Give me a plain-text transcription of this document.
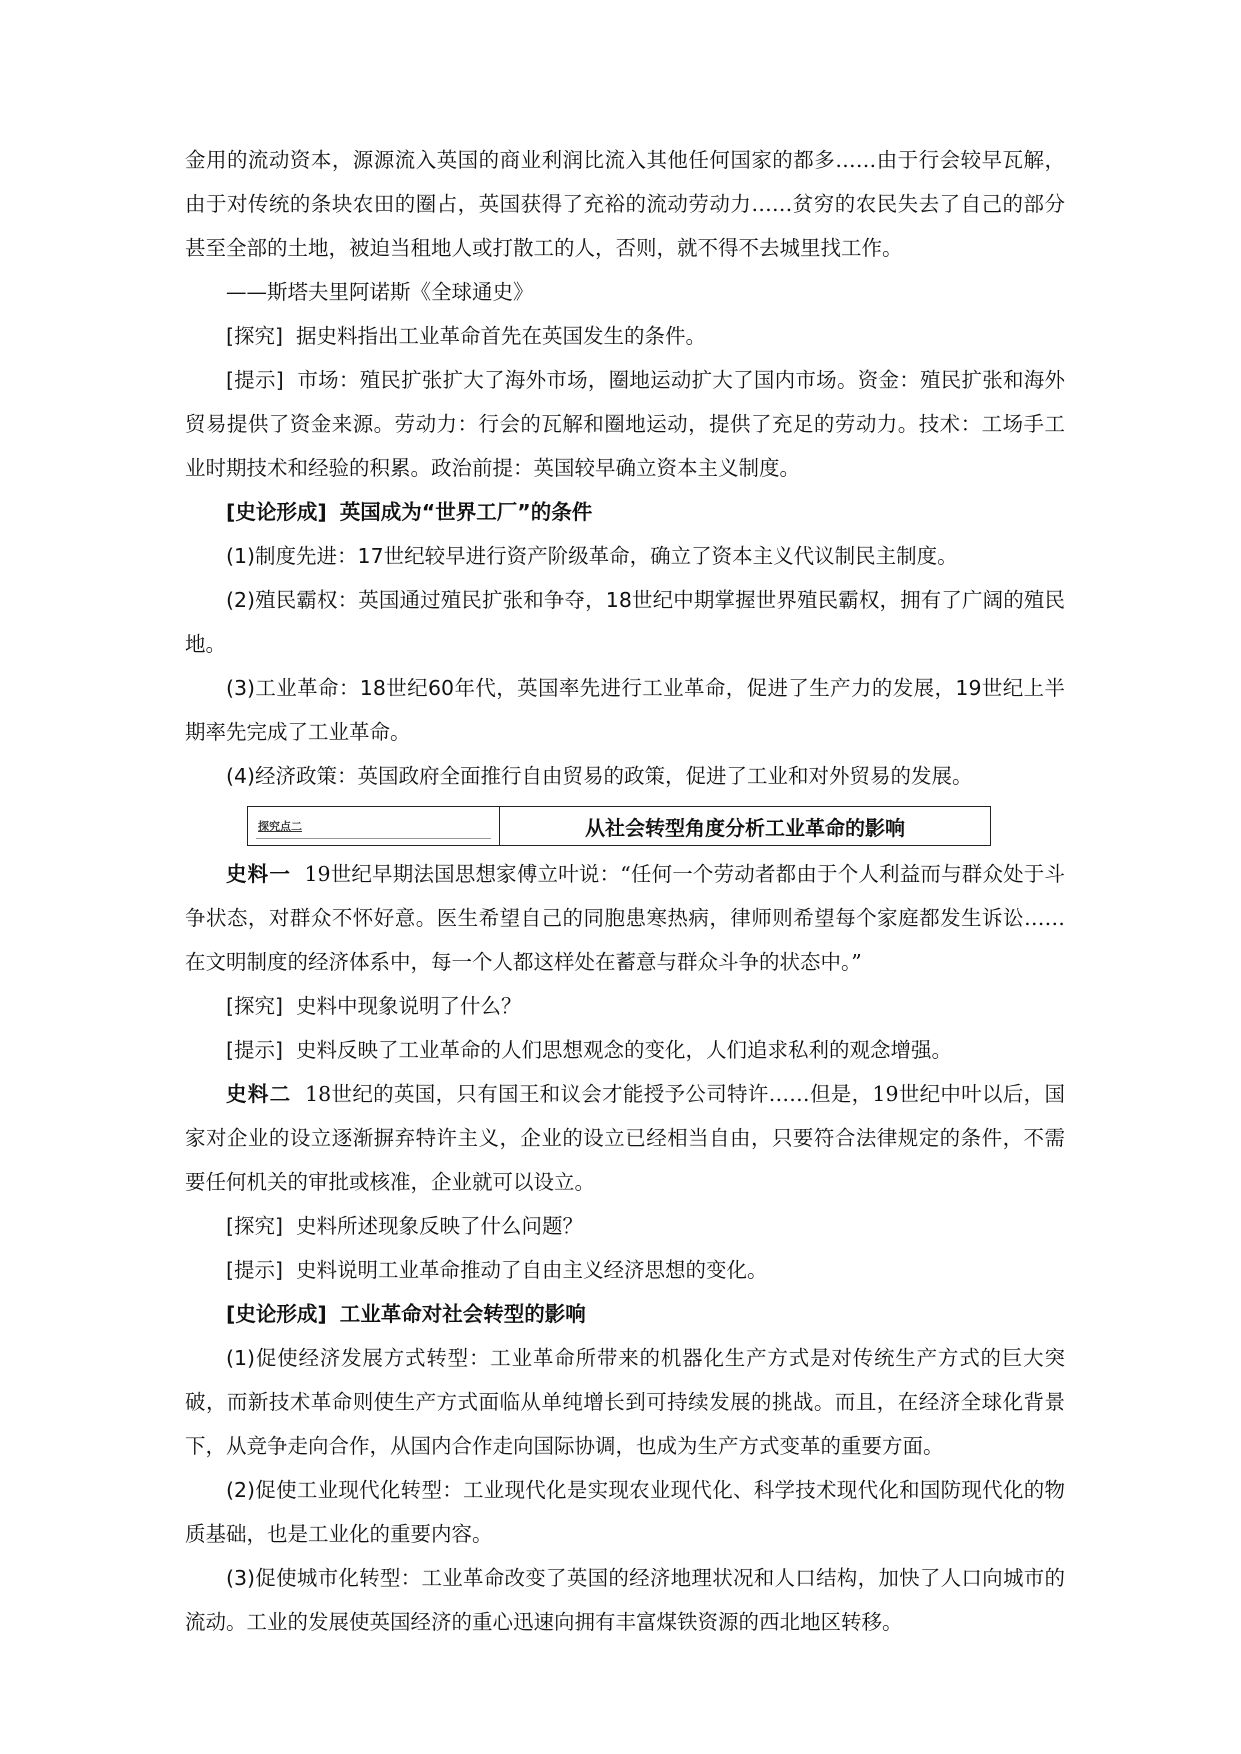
金用的流动资本，源源流入英国的商业利润比流入其他任何国家的都多……由于行会较早瓦解，由于对传统的条块农田的圈占，英国获得了充裕的流动劳动力……贫穷的农民失去了自己的部分甚至全部的土地，被迫当租地人或打散工的人，否则，就不得不去城里找工作。

——斯塔夫里阿诺斯《全球通史》

[探究] 据史料指出工业革命首先在英国发生的条件。

[提示] 市场：殖民扩张扩大了海外市场，圈地运动扩大了国内市场。资金：殖民扩张和海外贸易提供了资金来源。劳动力：行会的瓦解和圈地运动，提供了充足的劳动力。技术：工场手工业时期技术和经验的积累。政治前提：英国较早确立资本主义制度。

[史论形成] 英国成为“世界工厂”的条件

(1)制度先进：17世纪较早进行资产阶级革命，确立了资本主义代议制民主制度。

(2)殖民霸权：英国通过殖民扩张和争夺，18世纪中期掌握世界殖民霸权，拥有了广阔的殖民地。

(3)工业革命：18世纪60年代，英国率先进行工业革命，促进了生产力的发展，19世纪上半期率先完成了工业革命。

(4)经济政策：英国政府全面推行自由贸易的政策，促进了工业和对外贸易的发展。

探究点二	从社会转型角度分析工业革命的影响

史料一 19世纪早期法国思想家傅立叶说：“任何一个劳动者都由于个人利益而与群众处于斗争状态，对群众不怀好意。医生希望自己的同胞患寒热病，律师则希望每个家庭都发生诉讼……在文明制度的经济体系中，每一个人都这样处在蓄意与群众斗争的状态中。”

[探究] 史料中现象说明了什么？

[提示] 史料反映了工业革命的人们思想观念的变化，人们追求私利的观念增强。

史料二 18世纪的英国，只有国王和议会才能授予公司特许……但是，19世纪中叶以后，国家对企业的设立逐渐摒弃特许主义，企业的设立已经相当自由，只要符合法律规定的条件，不需要任何机关的审批或核准，企业就可以设立。

[探究] 史料所述现象反映了什么问题？

[提示] 史料说明工业革命推动了自由主义经济思想的变化。

[史论形成] 工业革命对社会转型的影响

(1)促使经济发展方式转型：工业革命所带来的机器化生产方式是对传统生产方式的巨大突破，而新技术革命则使生产方式面临从单纯增长到可持续发展的挑战。而且，在经济全球化背景下，从竞争走向合作，从国内合作走向国际协调，也成为生产方式变革的重要方面。

(2)促使工业现代化转型：工业现代化是实现农业现代化、科学技术现代化和国防现代化的物质基础，也是工业化的重要内容。

(3)促使城市化转型：工业革命改变了英国的经济地理状况和人口结构，加快了人口向城市的流动。工业的发展使英国经济的重心迅速向拥有丰富煤铁资源的西北地区转移。
